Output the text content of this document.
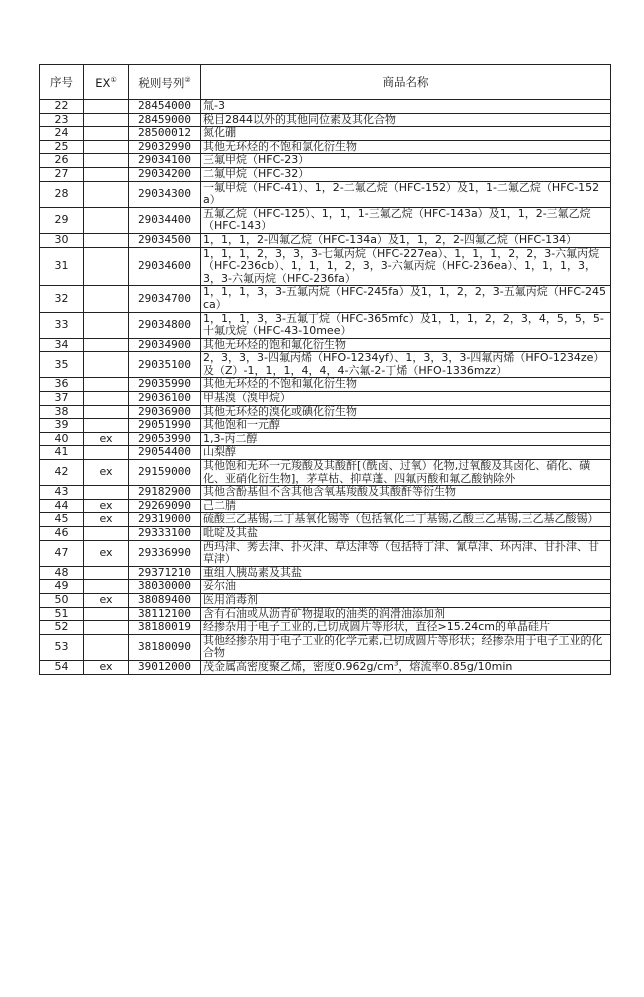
序号	EX①	税则号列②	商品名称
22		28454000	氚-3
23		28459000	税目2844以外的其他同位素及其化合物
24		28500012	氮化硼
25		29032990	其他无环烃的不饱和氯化衍生物
26		29034100	三氟甲烷（HFC-23）
27		29034200	二氟甲烷（HFC-32）
28		29034300	一氟甲烷（HFC-41）、1，2-二氟乙烷（HFC-152）及1，1-二氟乙烷（HFC-152a）
29		29034400	五氟乙烷（HFC-125）、1，1，1-三氟乙烷（HFC-143a）及1，1，2-三氟乙烷（HFC-143）
30		29034500	1，1，1，2-四氟乙烷（HFC-134a）及1，1，2，2-四氟乙烷（HFC-134）
31		29034600	1，1，1，2，3，3，3-七氟丙烷（HFC-227ea）、1，1，1，2，2，3-六氟丙烷（HFC-236cb）、1，1，1，2，3，3-六氟丙烷（HFC-236ea）、1，1，1，3，3，3-六氟丙烷（HFC-236fa）
32		29034700	1，1，1，3，3-五氟丙烷（HFC-245fa）及1，1，2，2，3-五氟丙烷（HFC-245ca）
33		29034800	1，1，1，3，3-五氟丁烷（HFC-365mfc）及1，1，1，2，2，3，4，5，5，5-十氟戊烷（HFC-43-10mee）
34		29034900	其他无环烃的饱和氟化衍生物
35		29035100	2，3，3，3-四氟丙烯（HFO-1234yf）、1，3，3，3-四氟丙烯（HFO-1234ze）及（Z）-1，1，1，4，4，4-六氟-2-丁烯（HFO-1336mzz）
36		29035990	其他无环烃的不饱和氟化衍生物
37		29036100	甲基溴（溴甲烷）
38		29036900	其他无环烃的溴化或碘化衍生物
39		29051990	其他饱和一元醇
40	ex	29053990	1,3-丙二醇
41		29054400	山梨醇
42	ex	29159000	其他饱和无环一元羧酸及其酸酐[（酰卤、过氧）化物,过氧酸及其卤化、硝化、磺化、亚硝化衍生物]，茅草枯、抑草蓬、四氟丙酸和氟乙酸钠除外
43		29182900	其他含酚基但不含其他含氧基羧酸及其酸酐等衍生物
44	ex	29269090	己二腈
45	ex	29319000	硫酸三乙基锡,二丁基氧化锡等（包括氧化二丁基锡,乙酸三乙基锡,三乙基乙酸锡）
46		29333100	吡啶及其盐
47	ex	29336990	西玛津、莠去津、扑灭津、草达津等（包括特丁津、氰草津、环丙津、甘扑津、甘草津）
48		29371210	重组人胰岛素及其盐
49		38030000	妥尔油
50	ex	38089400	医用消毒剂
51		38112100	含有石油或从沥青矿物提取的油类的润滑油添加剂
52		38180019	经掺杂用于电子工业的,已切成圆片等形状，直径>15.24cm的单晶硅片
53		38180090	其他经掺杂用于电子工业的化学元素,已切成圆片等形状；经掺杂用于电子工业的化合物
54	ex	39012000	茂金属高密度聚乙烯，密度$0.962g/cm^3$，熔流率0.85g/10min
